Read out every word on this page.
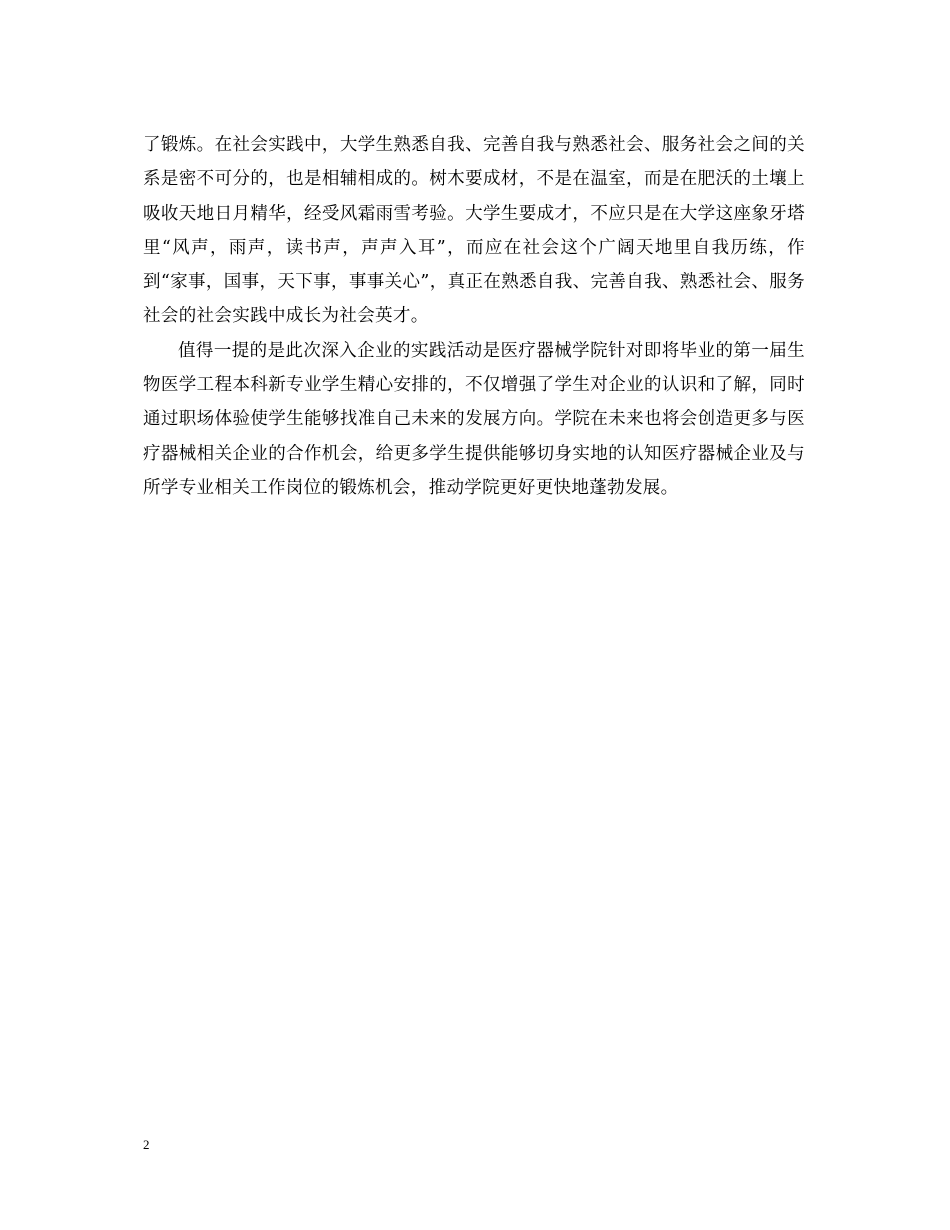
了锻炼。在社会实践中，大学生熟悉自我、完善自我与熟悉社会、服务社会之间的关系是密不可分的，也是相辅相成的。树木要成材，不是在温室，而是在肥沃的土壤上吸收天地日月精华，经受风霜雨雪考验。大学生要成才，不应只是在大学这座象牙塔里“风声，雨声，读书声，声声入耳”，而应在社会这个广阔天地里自我历练，作到“家事，国事，天下事，事事关心”，真正在熟悉自我、完善自我、熟悉社会、服务社会的社会实践中成长为社会英才。

值得一提的是此次深入企业的实践活动是医疗器械学院针对即将毕业的第一届生物医学工程本科新专业学生精心安排的，不仅增强了学生对企业的认识和了解，同时通过职场体验使学生能够找准自己未来的发展方向。学院在未来也将会创造更多与医疗器械相关企业的合作机会，给更多学生提供能够切身实地的认知医疗器械企业及与所学专业相关工作岗位的锻炼机会，推动学院更好更快地蓬勃发展。

2
